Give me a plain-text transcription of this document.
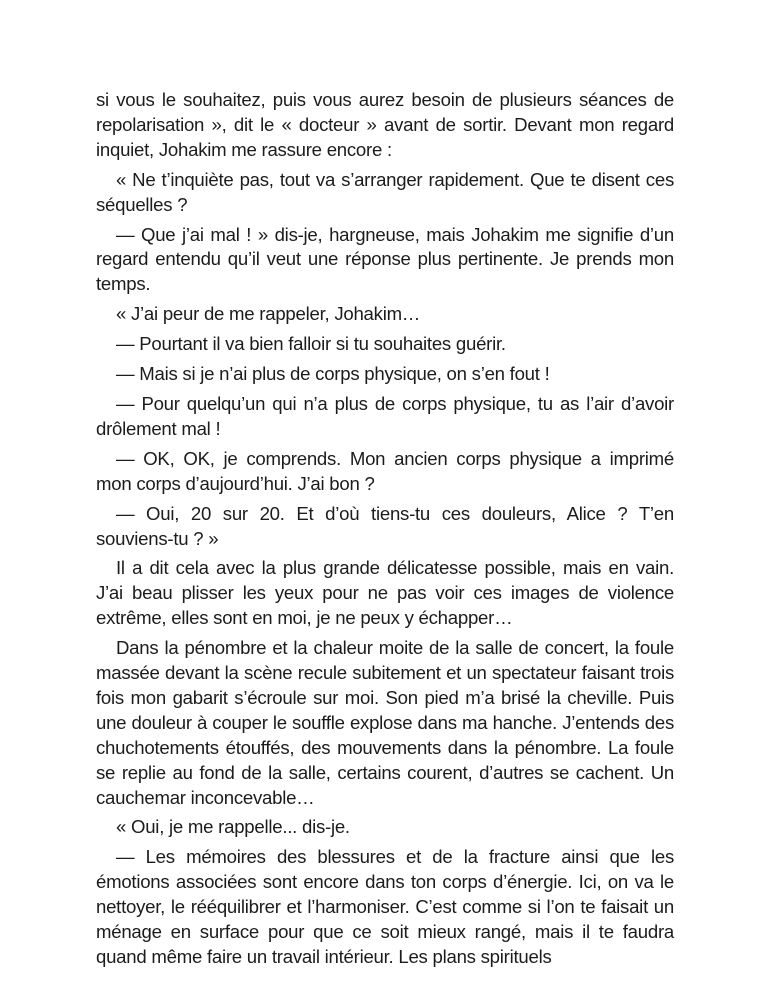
si vous le souhaitez, puis vous aurez besoin de plusieurs séances de repolarisation », dit le « docteur » avant de sortir. Devant mon regard inquiet, Johakim me rassure encore :

« Ne t’inquiète pas, tout va s’arranger rapidement. Que te disent ces séquelles ?

— Que j’ai mal ! » dis-je, hargneuse, mais Johakim me signifie d’un regard entendu qu’il veut une réponse plus pertinente. Je prends mon temps.

« J’ai peur de me rappeler, Johakim…

— Pourtant il va bien falloir si tu souhaites guérir.

— Mais si je n’ai plus de corps physique, on s’en fout !

— Pour quelqu’un qui n’a plus de corps physique, tu as l’air d’avoir drôlement mal !

— OK, OK, je comprends. Mon ancien corps physique a imprimé mon corps d’aujourd’hui. J’ai bon ?

— Oui, 20 sur 20. Et d’où tiens-tu ces douleurs, Alice ? T’en souviens-tu ? »

Il a dit cela avec la plus grande délicatesse possible, mais en vain. J’ai beau plisser les yeux pour ne pas voir ces images de violence extrême, elles sont en moi, je ne peux y échapper…

Dans la pénombre et la chaleur moite de la salle de concert, la foule massée devant la scène recule subitement et un spectateur faisant trois fois mon gabarit s’écroule sur moi. Son pied m’a brisé la cheville. Puis une douleur à couper le souffle explose dans ma hanche. J’entends des chuchotements étouffés, des mouvements dans la pénombre. La foule se replie au fond de la salle, certains courent, d’autres se cachent. Un cauchemar inconcevable…

« Oui, je me rappelle... dis-je.

— Les mémoires des blessures et de la fracture ainsi que les émotions associées sont encore dans ton corps d’énergie. Ici, on va le nettoyer, le rééquilibrer et l’harmoniser. C’est comme si l’on te faisait un ménage en surface pour que ce soit mieux rangé, mais il te faudra quand même faire un travail intérieur. Les plans spirituels
